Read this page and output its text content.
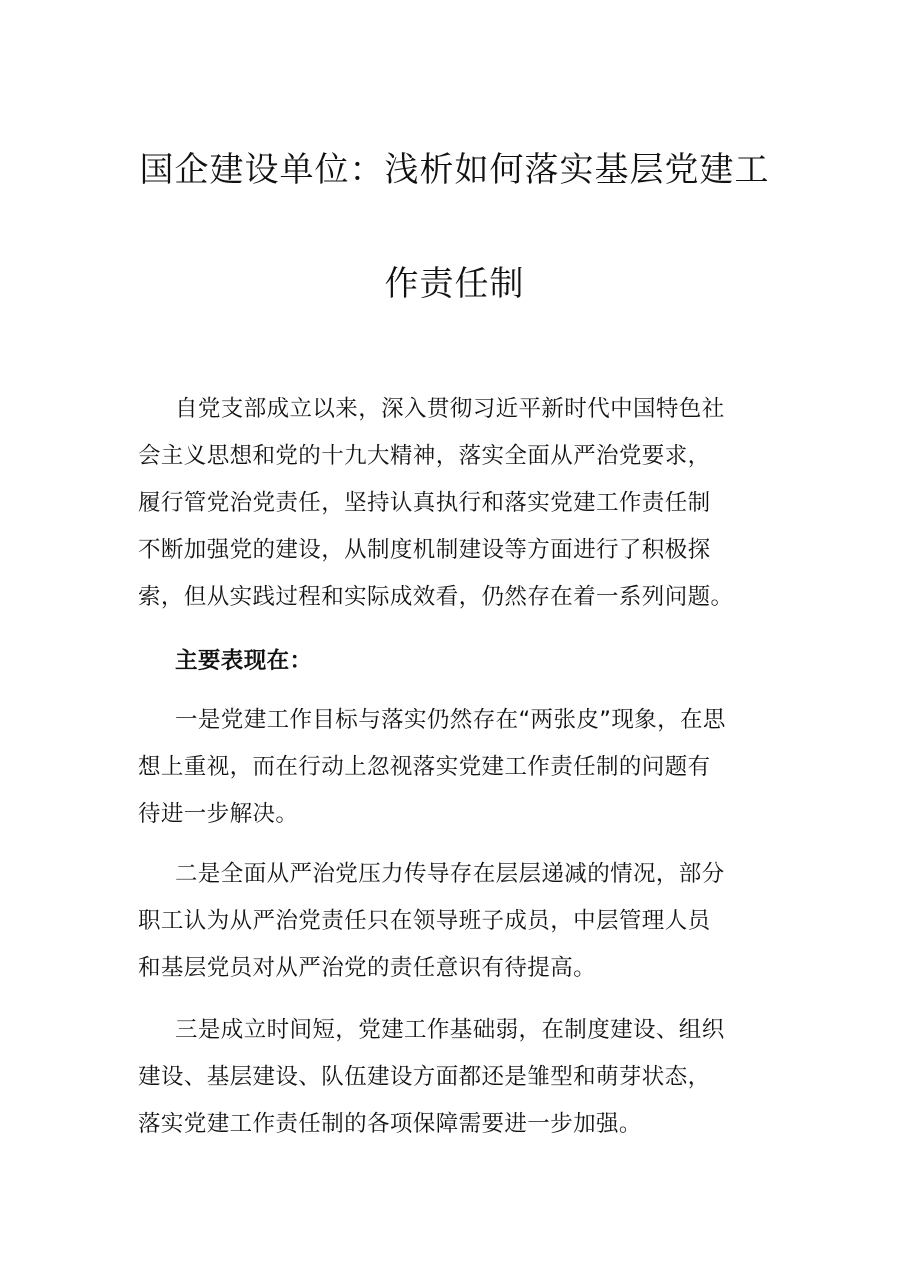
国企建设单位：浅析如何落实基层党建工
作责任制

自党支部成立以来，深入贯彻习近平新时代中国特色社
会主义思想和党的十九大精神，落实全面从严治党要求，
履行管党治党责任，坚持认真执行和落实党建工作责任制
不断加强党的建设，从制度机制建设等方面进行了积极探
索，但从实践过程和实际成效看，仍然存在着一系列问题。

主要表现在：

一是党建工作目标与落实仍然存在“两张皮”现象，在思
想上重视，而在行动上忽视落实党建工作责任制的问题有
待进一步解决。

二是全面从严治党压力传导存在层层递减的情况，部分
职工认为从严治党责任只在领导班子成员，中层管理人员
和基层党员对从严治党的责任意识有待提高。

三是成立时间短，党建工作基础弱，在制度建设、组织
建设、基层建设、队伍建设方面都还是雏型和萌芽状态，
落实党建工作责任制的各项保障需要进一步加强。
